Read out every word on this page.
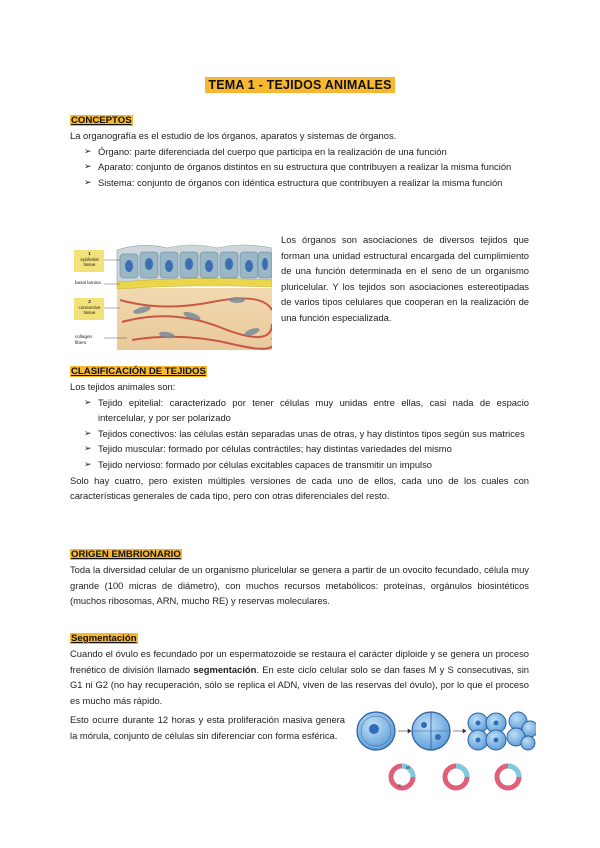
TEMA 1 - TEJIDOS ANIMALES
CONCEPTOS

La organografía es el estudio de los órganos, aparatos y sistemas de órganos.

➢ Órgano: parte diferenciada del cuerpo que participa en la realización de una función
➢ Aparato: conjunto de órganos distintos en su estructura que contribuyen a realizar la misma función
➢ Sistema: conjunto de órganos con idéntica estructura que contribuyen a realizar la misma función
1
epithelial tissue
basal lamina
2
connective tissue
collagen fibers
Los órganos son asociaciones de diversos tejidos que forman una unidad estructural encargada del cumplimiento de una función determinada en el seno de un organismo pluricelular. Y los tejidos son asociaciones estereotipadas de varios tipos celulares que cooperan en la realización de una función especializada.
CLASIFICACIÓN DE TEJIDOS

Los tejidos animales son:

➢ Tejido epitelial: caracterizado por tener células muy unidas entre ellas, casi nada de espacio intercelular, y por ser polarizado
➢ Tejidos conectivos: las células están separadas unas de otras, y hay distintos tipos según sus matrices
➢ Tejido muscular: formado por células contráctiles; hay distintas variedades del mismo
➢ Tejido nervioso: formado por células excitables capaces de transmitir un impulso

Solo hay cuatro, pero existen múltiples versiones de cada uno de ellos, cada uno de los cuales con características generales de cada tipo, pero con otras diferenciales del resto.

ORIGEN EMBRIONARIO
Toda la diversidad celular de un organismo pluricelular se genera a partir de un ovocito fecundado, célula muy grande (100 micras de diámetro), con muchos recursos metabólicos: proteínas, orgánulos biosintéticos (muchos ribosomas, ARN, mucho RE) y reservas moleculares.
Segmentación
Cuando el óvulo es fecundado por un espermatozoide se restaura el carácter diploide y se genera un proceso frenético de división llamado segmentación. En este ciclo celular solo se dan fases M y S consecutivas, sin G1 ni G2 (no hay recuperación, sólo se replica el ADN, viven de las reservas del óvulo), por lo que el proceso es mucho más rápido.
Esto ocurre durante 12 horas y esta proliferación masiva genera la mórula, conjunto de células sin diferenciar con forma esférica.
M
S
